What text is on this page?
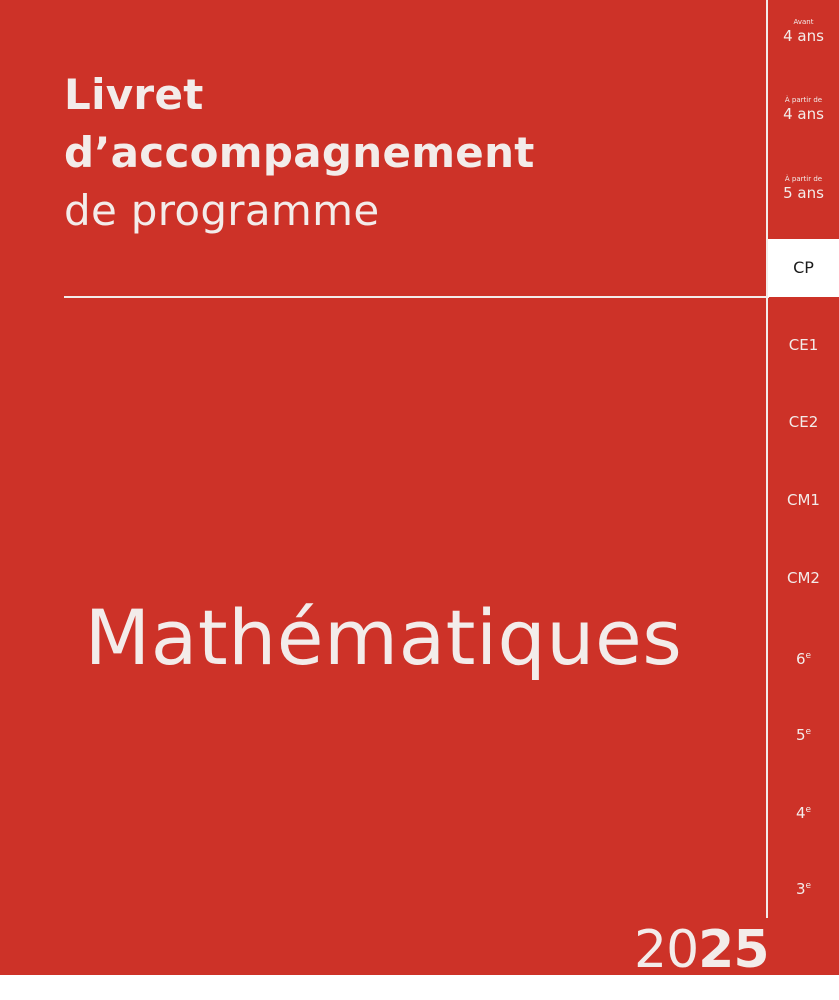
Livret
d’accompagnement
de programme
Mathématiques
Avant
4 ans
À partir de
4 ans
À partir de
5 ans
CP
CE1
CE2
CM1
CM2
6e
5e
4e
3e
2025
